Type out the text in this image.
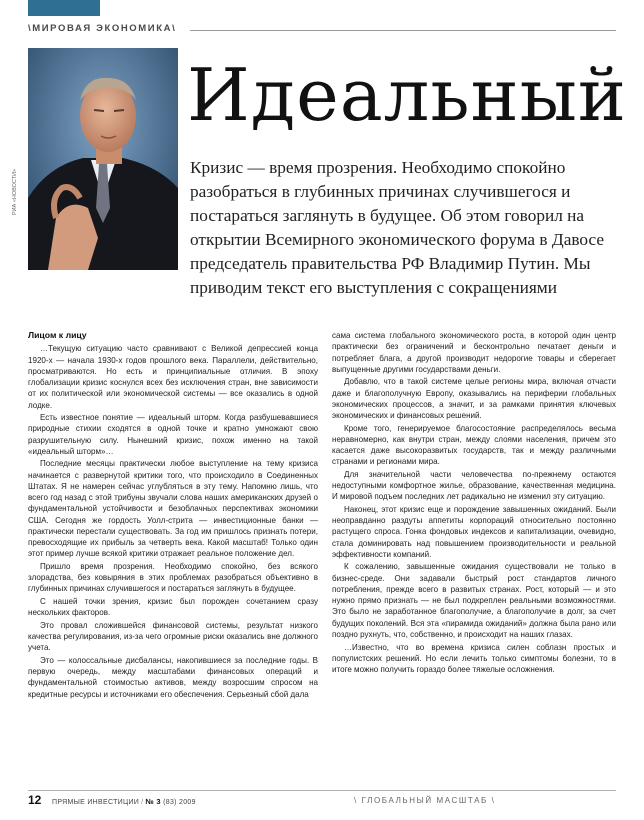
\МИРОВАЯ ЭКОНОМИКА\
РИА «НОВОСТИ»
Идеальный

Кризис — время прозрения. Необходимо спокойно разобраться в глубинных причинах случившегося и постараться заглянуть в будущее. Об этом говорил на открытии Всемирного экономического форума в Давосе председатель правительства РФ Владимир Путин. Мы приводим текст его выступления с сокращениями

Лицом к лицу

…Текущую ситуацию часто сравнивают с Великой депрессией конца 1920-х — начала 1930-х годов прошлого века. Параллели, действительно, просматриваются. Но есть и принципиальные отличия. В эпоху глобализации кризис коснулся всех без исключения стран, вне зависимости от их политической или экономической системы — все оказались в одной лодке.

Есть известное понятие — идеальный шторм. Когда разбушевавшиеся природные стихии сходятся в одной точке и кратно умножают свою разрушительную силу. Нынешний кризис, похож именно на такой «идеальный шторм»…

Последние месяцы практически любое выступление на тему кризиса начинается с развернутой критики того, что происходило в Соединенных Штатах. Я не намерен сейчас углубляться в эту тему. Напомню лишь, что всего год назад с этой трибуны звучали слова наших американских друзей о фундаментальной устойчивости и безоблачных перспективах экономики США. Сегодня же гордость Уолл-стрита — инвестиционные банки — практически перестали существовать. За год им пришлось признать потери, превосходящие их прибыль за четверть века. Какой масштаб! Только один этот пример лучше всякой критики отражает реальное положение дел.

Пришло время прозрения. Необходимо спокойно, без всякого злорадства, без ковыряния в этих проблемах разобраться объективно в глубинных причинах случившегося и постараться заглянуть в будущее.

С нашей точки зрения, кризис был порожден сочетанием сразу нескольких факторов.

Это провал сложившейся финансовой системы, результат низкого качества регулирования, из-за чего огромные риски оказались вне должного учета.

Это — колоссальные дисбалансы, накопившиеся за последние годы. В первую очередь, между масштабами финансовых операций и фундаментальной стоимостью активов, между возросшим спросом на кредитные ресурсы и источниками его обеспечения. Серьезный сбой дала

сама система глобального экономического роста, в которой один центр практически без ограничений и бесконтрольно печатает деньги и потребляет блага, а другой производит недорогие товары и сберегает выпущенные другими государствами деньги.

Добавлю, что в такой системе целые регионы мира, включая отчасти даже и благополучную Европу, оказывались на периферии глобальных экономических процессов, а значит, и за рамками принятия ключевых экономических и финансовых решений.

Кроме того, генерируемое благосостояние распределялось весьма неравномерно, как внутри стран, между слоями населения, причем это касается даже высокоразвитых государств, так и между различными странами и регионами мира.

Для значительной части человечества по-прежнему остаются недоступными комфортное жилье, образование, качественная медицина. И мировой подъем последних лет радикально не изменил эту ситуацию.

Наконец, этот кризис еще и порождение завышенных ожиданий. Были неоправданно раздуты аппетиты корпораций относительно постоянно растущего спроса. Гонка фондовых индексов и капитализации, очевидно, стала доминировать над повышением производительности и реальной эффективности компаний.

К сожалению, завышенные ожидания существовали не только в бизнес-среде. Они задавали быстрый рост стандартов личного потребления, прежде всего в развитых странах. Рост, который — и это нужно прямо признать — не был подкреплен реальными возможностями. Это было не заработанное благополучие, а благополучие в долг, за счет будущих поколений. Вся эта «пирамида ожиданий» должна была рано или поздно рухнуть, что, собственно, и происходит на наших глазах.

…Известно, что во времена кризиса силен соблазн простых и популистских решений. Но если лечить только симптомы болезни, то в итоге можно получить гораздо более тяжелые осложнения.

12 ПРЯМЫЕ ИНВЕСТИЦИИ / № 3 (83) 2009	\ ГЛОБАЛЬНЫЙ МАСШТАБ \
